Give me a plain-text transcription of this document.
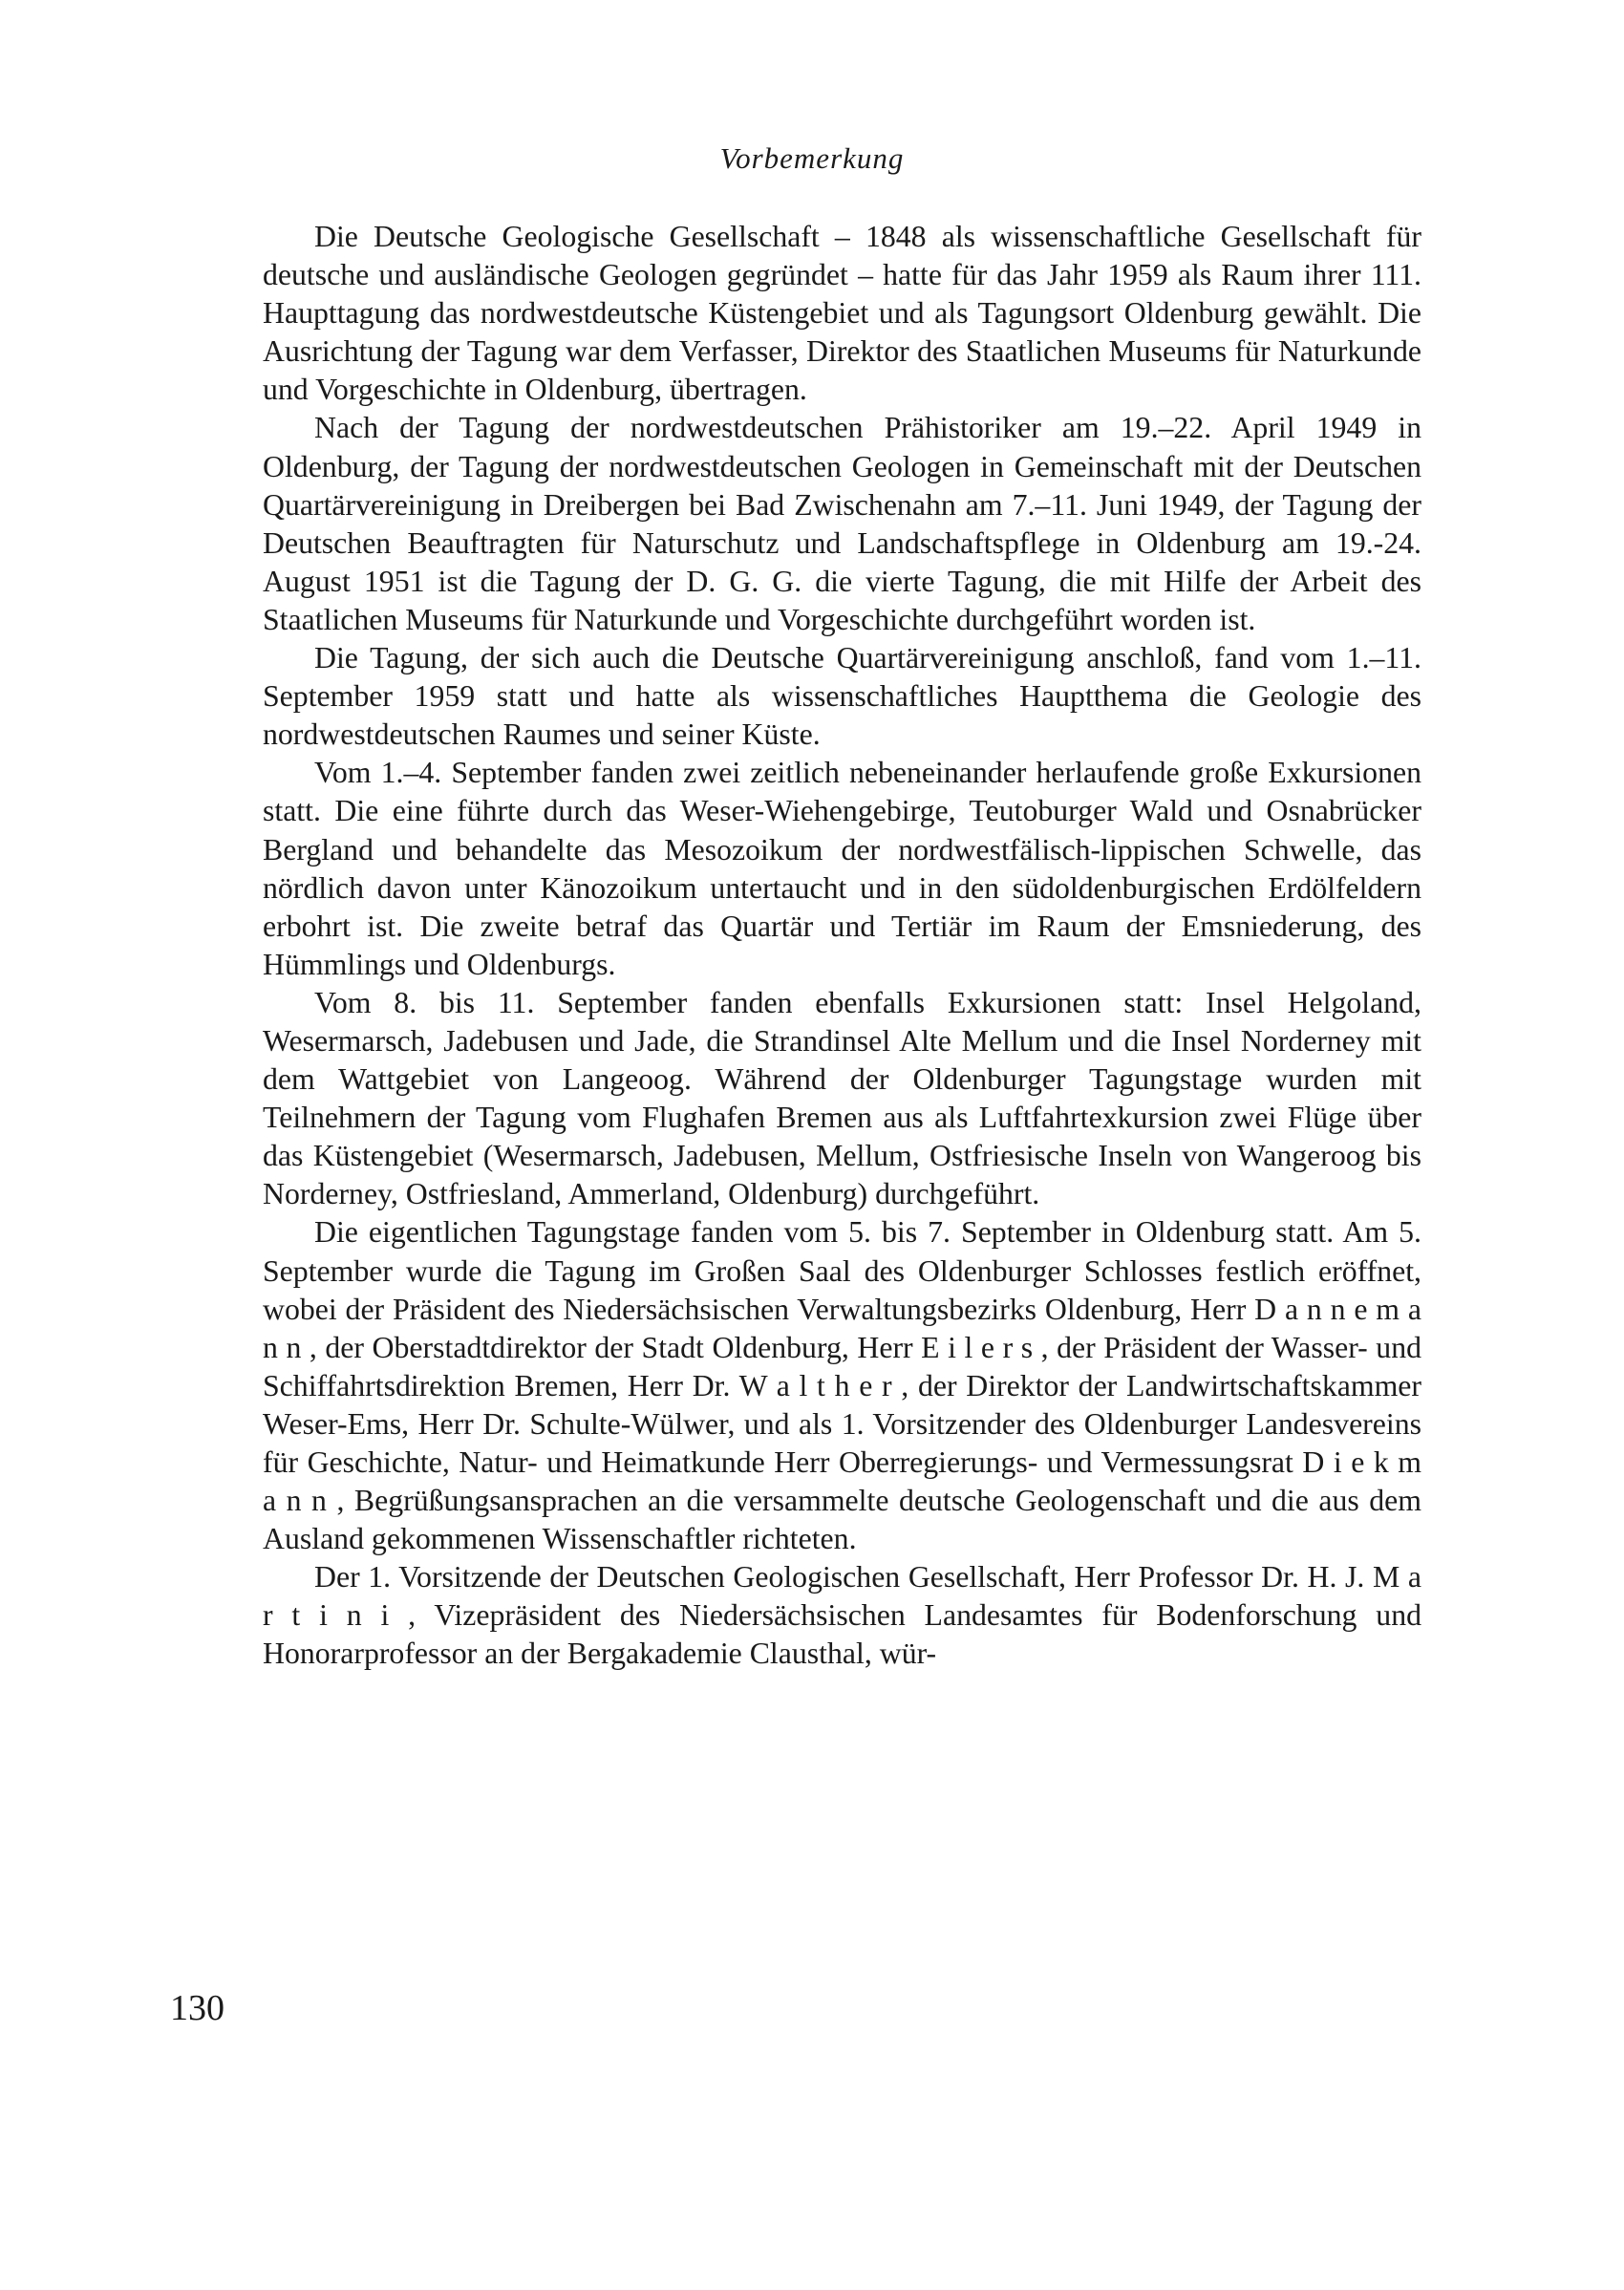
Vorbemerkung

Die Deutsche Geologische Gesellschaft – 1848 als wissenschaftliche Gesellschaft für deutsche und ausländische Geologen gegründet – hatte für das Jahr 1959 als Raum ihrer 111. Haupttagung das nordwestdeutsche Küstengebiet und als Tagungsort Oldenburg gewählt. Die Ausrichtung der Tagung war dem Verfasser, Direktor des Staatlichen Museums für Naturkunde und Vorgeschichte in Oldenburg, übertragen.

Nach der Tagung der nordwestdeutschen Prähistoriker am 19.–22. April 1949 in Oldenburg, der Tagung der nordwestdeutschen Geologen in Gemeinschaft mit der Deutschen Quartärvereinigung in Dreibergen bei Bad Zwischenahn am 7.–11. Juni 1949, der Tagung der Deutschen Beauftragten für Naturschutz und Landschaftspflege in Oldenburg am 19.-24. August 1951 ist die Tagung der D. G. G. die vierte Tagung, die mit Hilfe der Arbeit des Staatlichen Museums für Naturkunde und Vorgeschichte durchgeführt worden ist.

Die Tagung, der sich auch die Deutsche Quartärvereinigung anschloß, fand vom 1.–11. September 1959 statt und hatte als wissenschaftliches Hauptthema die Geologie des nordwestdeutschen Raumes und seiner Küste.

Vom 1.–4. September fanden zwei zeitlich nebeneinander herlaufende große Exkursionen statt. Die eine führte durch das Weser-Wiehengebirge, Teutoburger Wald und Osnabrücker Bergland und behandelte das Mesozoikum der nordwestfälisch-lippischen Schwelle, das nördlich davon unter Känozoikum untertaucht und in den südoldenburgischen Erdölfeldern erbohrt ist. Die zweite betraf das Quartär und Tertiär im Raum der Emsniederung, des Hümmlings und Oldenburgs.

Vom 8. bis 11. September fanden ebenfalls Exkursionen statt: Insel Helgoland, Wesermarsch, Jadebusen und Jade, die Strandinsel Alte Mellum und die Insel Norderney mit dem Wattgebiet von Langeoog. Während der Oldenburger Tagungstage wurden mit Teilnehmern der Tagung vom Flughafen Bremen aus als Luftfahrtexkursion zwei Flüge über das Küstengebiet (Wesermarsch, Jadebusen, Mellum, Ostfriesische Inseln von Wangeroog bis Norderney, Ostfriesland, Ammerland, Oldenburg) durchgeführt.

Die eigentlichen Tagungstage fanden vom 5. bis 7. September in Oldenburg statt. Am 5. September wurde die Tagung im Großen Saal des Oldenburger Schlosses festlich eröffnet, wobei der Präsident des Niedersächsischen Verwaltungsbezirks Oldenburg, Herr D a n n e m a n n , der Oberstadtdirektor der Stadt Oldenburg, Herr E i l e r s , der Präsident der Wasser- und Schiffahrtsdirektion Bremen, Herr Dr. W a l t h e r , der Direktor der Landwirtschaftskammer Weser-Ems, Herr Dr. Schulte-Wülwer, und als 1. Vorsitzender des Oldenburger Landesvereins für Geschichte, Natur- und Heimatkunde Herr Oberregierungs- und Vermessungsrat D i e k m a n n , Begrüßungsansprachen an die versammelte deutsche Geologenschaft und die aus dem Ausland gekommenen Wissenschaftler richteten.

Der 1. Vorsitzende der Deutschen Geologischen Gesellschaft, Herr Professor Dr. H. J. M a r t i n i , Vizepräsident des Niedersächsischen Landesamtes für Bodenforschung und Honorarprofessor an der Bergakademie Clausthal, wür-

130
